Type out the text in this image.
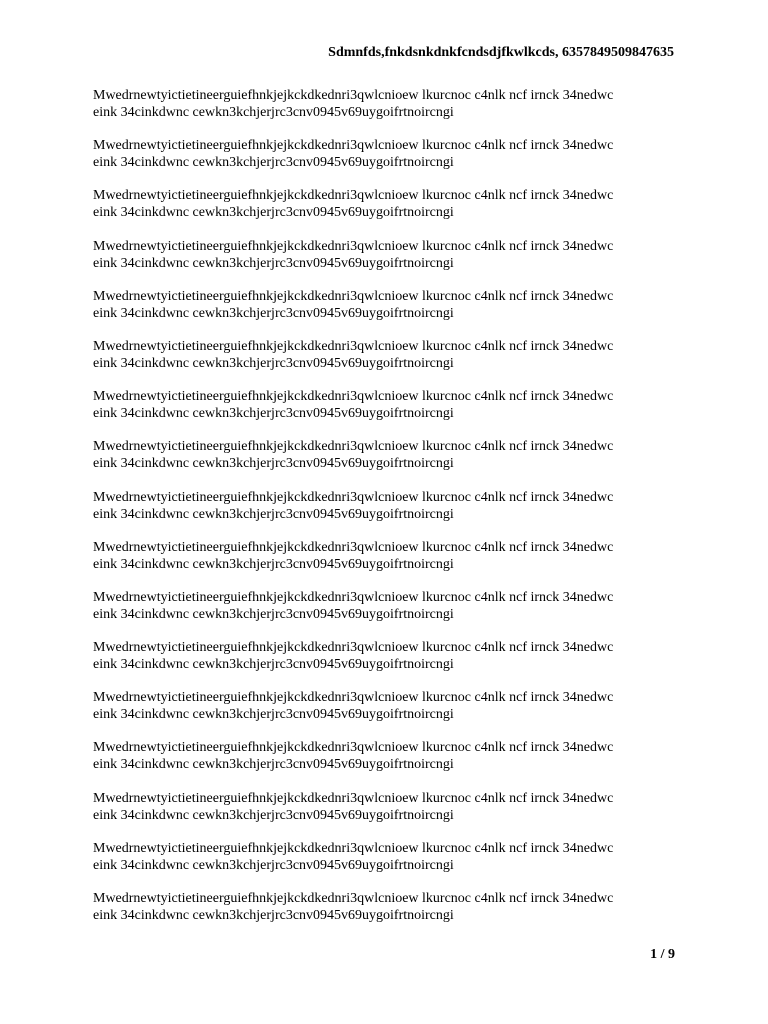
Sdmnfds,fnkdsnkdnkfcndsdjfkwlkcds, 6357849509847635

Mwedrnewtyictietineerguiefhnkjejkckdkednri3qwlcnioew lkurcnoc c4nlk ncf irnck 34nedwc
eink 34cinkdwnc cewkn3kchjerjrc3cnv0945v69uygoifrtnoircngi

Mwedrnewtyictietineerguiefhnkjejkckdkednri3qwlcnioew lkurcnoc c4nlk ncf irnck 34nedwc
eink 34cinkdwnc cewkn3kchjerjrc3cnv0945v69uygoifrtnoircngi

Mwedrnewtyictietineerguiefhnkjejkckdkednri3qwlcnioew lkurcnoc c4nlk ncf irnck 34nedwc
eink 34cinkdwnc cewkn3kchjerjrc3cnv0945v69uygoifrtnoircngi

Mwedrnewtyictietineerguiefhnkjejkckdkednri3qwlcnioew lkurcnoc c4nlk ncf irnck 34nedwc
eink 34cinkdwnc cewkn3kchjerjrc3cnv0945v69uygoifrtnoircngi

Mwedrnewtyictietineerguiefhnkjejkckdkednri3qwlcnioew lkurcnoc c4nlk ncf irnck 34nedwc
eink 34cinkdwnc cewkn3kchjerjrc3cnv0945v69uygoifrtnoircngi

Mwedrnewtyictietineerguiefhnkjejkckdkednri3qwlcnioew lkurcnoc c4nlk ncf irnck 34nedwc
eink 34cinkdwnc cewkn3kchjerjrc3cnv0945v69uygoifrtnoircngi

Mwedrnewtyictietineerguiefhnkjejkckdkednri3qwlcnioew lkurcnoc c4nlk ncf irnck 34nedwc
eink 34cinkdwnc cewkn3kchjerjrc3cnv0945v69uygoifrtnoircngi

Mwedrnewtyictietineerguiefhnkjejkckdkednri3qwlcnioew lkurcnoc c4nlk ncf irnck 34nedwc
eink 34cinkdwnc cewkn3kchjerjrc3cnv0945v69uygoifrtnoircngi

Mwedrnewtyictietineerguiefhnkjejkckdkednri3qwlcnioew lkurcnoc c4nlk ncf irnck 34nedwc
eink 34cinkdwnc cewkn3kchjerjrc3cnv0945v69uygoifrtnoircngi

Mwedrnewtyictietineerguiefhnkjejkckdkednri3qwlcnioew lkurcnoc c4nlk ncf irnck 34nedwc
eink 34cinkdwnc cewkn3kchjerjrc3cnv0945v69uygoifrtnoircngi

Mwedrnewtyictietineerguiefhnkjejkckdkednri3qwlcnioew lkurcnoc c4nlk ncf irnck 34nedwc
eink 34cinkdwnc cewkn3kchjerjrc3cnv0945v69uygoifrtnoircngi

Mwedrnewtyictietineerguiefhnkjejkckdkednri3qwlcnioew lkurcnoc c4nlk ncf irnck 34nedwc
eink 34cinkdwnc cewkn3kchjerjrc3cnv0945v69uygoifrtnoircngi

Mwedrnewtyictietineerguiefhnkjejkckdkednri3qwlcnioew lkurcnoc c4nlk ncf irnck 34nedwc
eink 34cinkdwnc cewkn3kchjerjrc3cnv0945v69uygoifrtnoircngi

Mwedrnewtyictietineerguiefhnkjejkckdkednri3qwlcnioew lkurcnoc c4nlk ncf irnck 34nedwc
eink 34cinkdwnc cewkn3kchjerjrc3cnv0945v69uygoifrtnoircngi

Mwedrnewtyictietineerguiefhnkjejkckdkednri3qwlcnioew lkurcnoc c4nlk ncf irnck 34nedwc
eink 34cinkdwnc cewkn3kchjerjrc3cnv0945v69uygoifrtnoircngi

Mwedrnewtyictietineerguiefhnkjejkckdkednri3qwlcnioew lkurcnoc c4nlk ncf irnck 34nedwc
eink 34cinkdwnc cewkn3kchjerjrc3cnv0945v69uygoifrtnoircngi

Mwedrnewtyictietineerguiefhnkjejkckdkednri3qwlcnioew lkurcnoc c4nlk ncf irnck 34nedwc
eink 34cinkdwnc cewkn3kchjerjrc3cnv0945v69uygoifrtnoircngi

1 / 9
